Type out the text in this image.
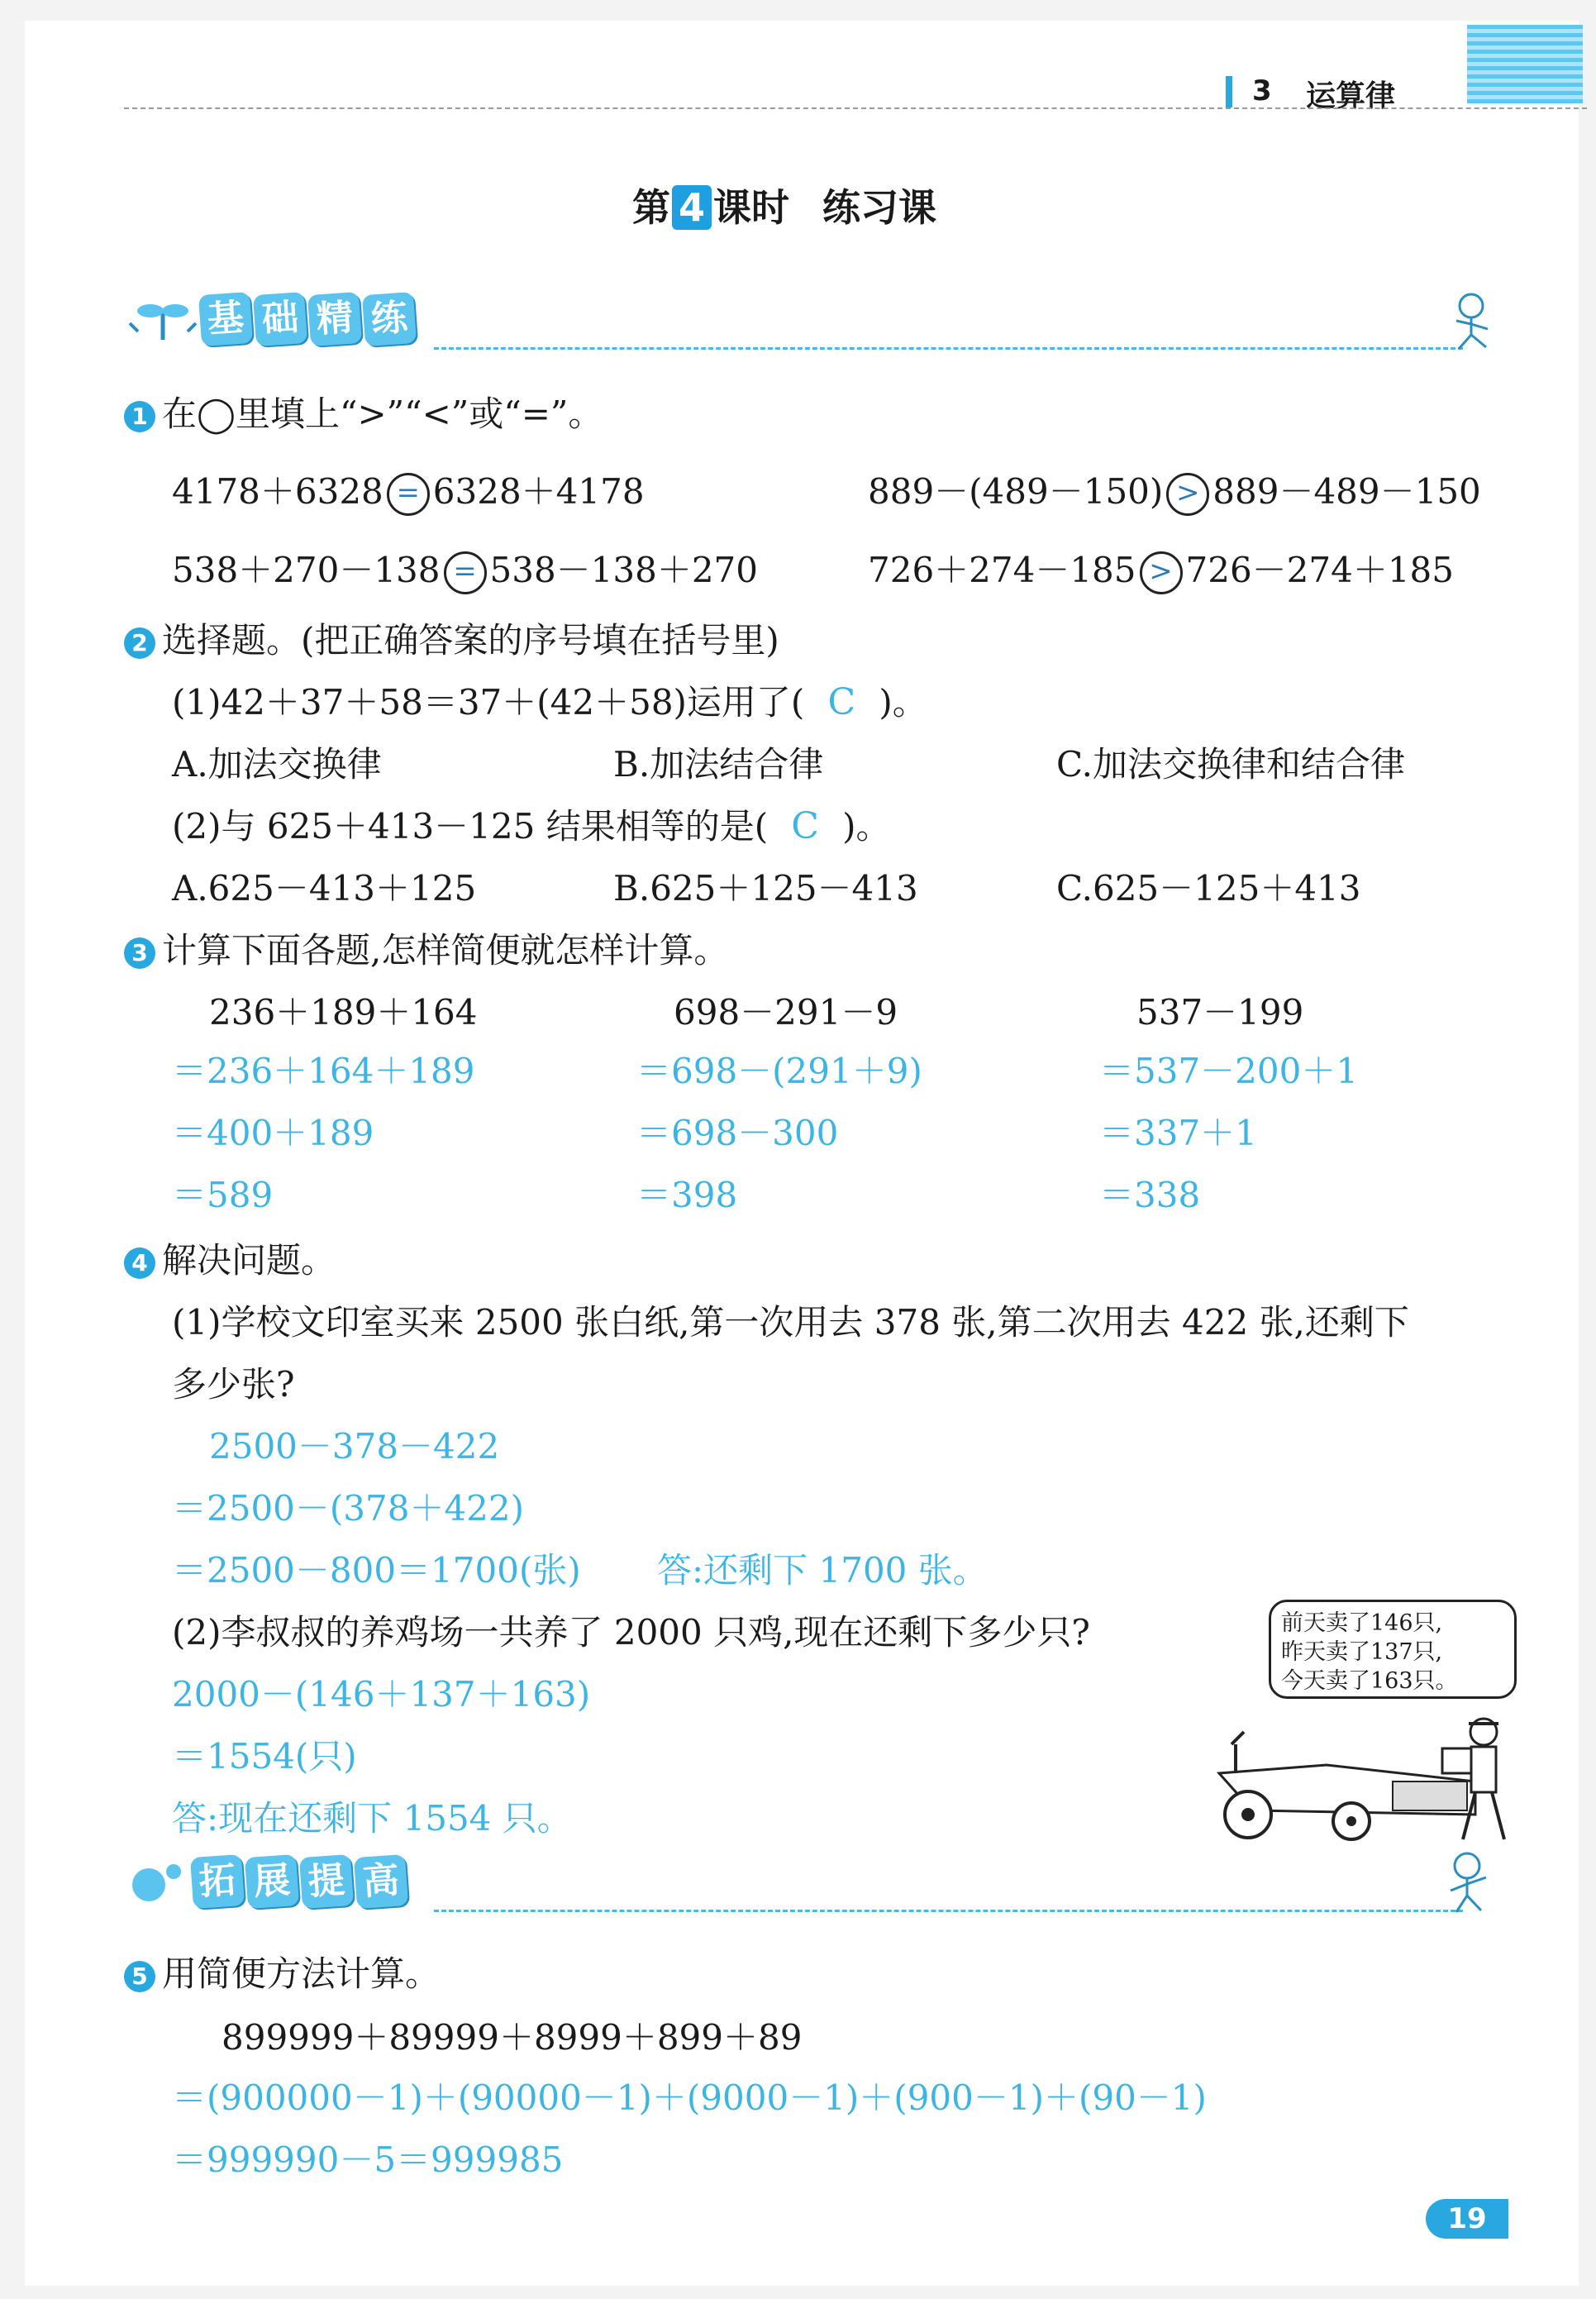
3 运算律
第 4 课时 练习课
基 础 精 练
1 在◯里填上“>”“<”或“=”。
4178＋6328 = 6328＋4178	889－(489－150) > 889－489－150
538＋270－138 = 538－138＋270	726＋274－185 > 726－274＋185
2 选择题。(把正确答案的序号填在括号里)
(1)42＋37＋58＝37＋(42＋58)运用了( C )。
A.加法交换律	B.加法结合律	C.加法交换律和结合律
(2)与 625＋413－125 结果相等的是( C )。
A.625－413＋125	B.625＋125－413	C.625－125＋413
3 计算下面各题,怎样简便就怎样计算。
236＋189＋164
＝236＋164＋189
＝400＋189
＝589
698－291－9
＝698－(291＋9)
＝698－300
＝398
537－199
＝537－200＋1
＝337＋1
＝338
4 解决问题。
(1)学校文印室买来 2500 张白纸,第一次用去 378 张,第二次用去 422 张,还剩下
多少张?
2500－378－422
＝2500－(378＋422)
＝2500－800＝1700(张) 答:还剩下 1700 张。
(2)李叔叔的养鸡场一共养了 2000 只鸡,现在还剩下多少只?
2000－(146＋137＋163)
＝1554(只)
答:现在还剩下 1554 只。
前天卖了146只,
昨天卖了137只,
今天卖了163只。
拓 展 提 高
5 用简便方法计算。
899999＋89999＋8999＋899＋89
＝(900000－1)＋(90000－1)＋(9000－1)＋(900－1)＋(90－1)
＝999990－5＝999985
19
